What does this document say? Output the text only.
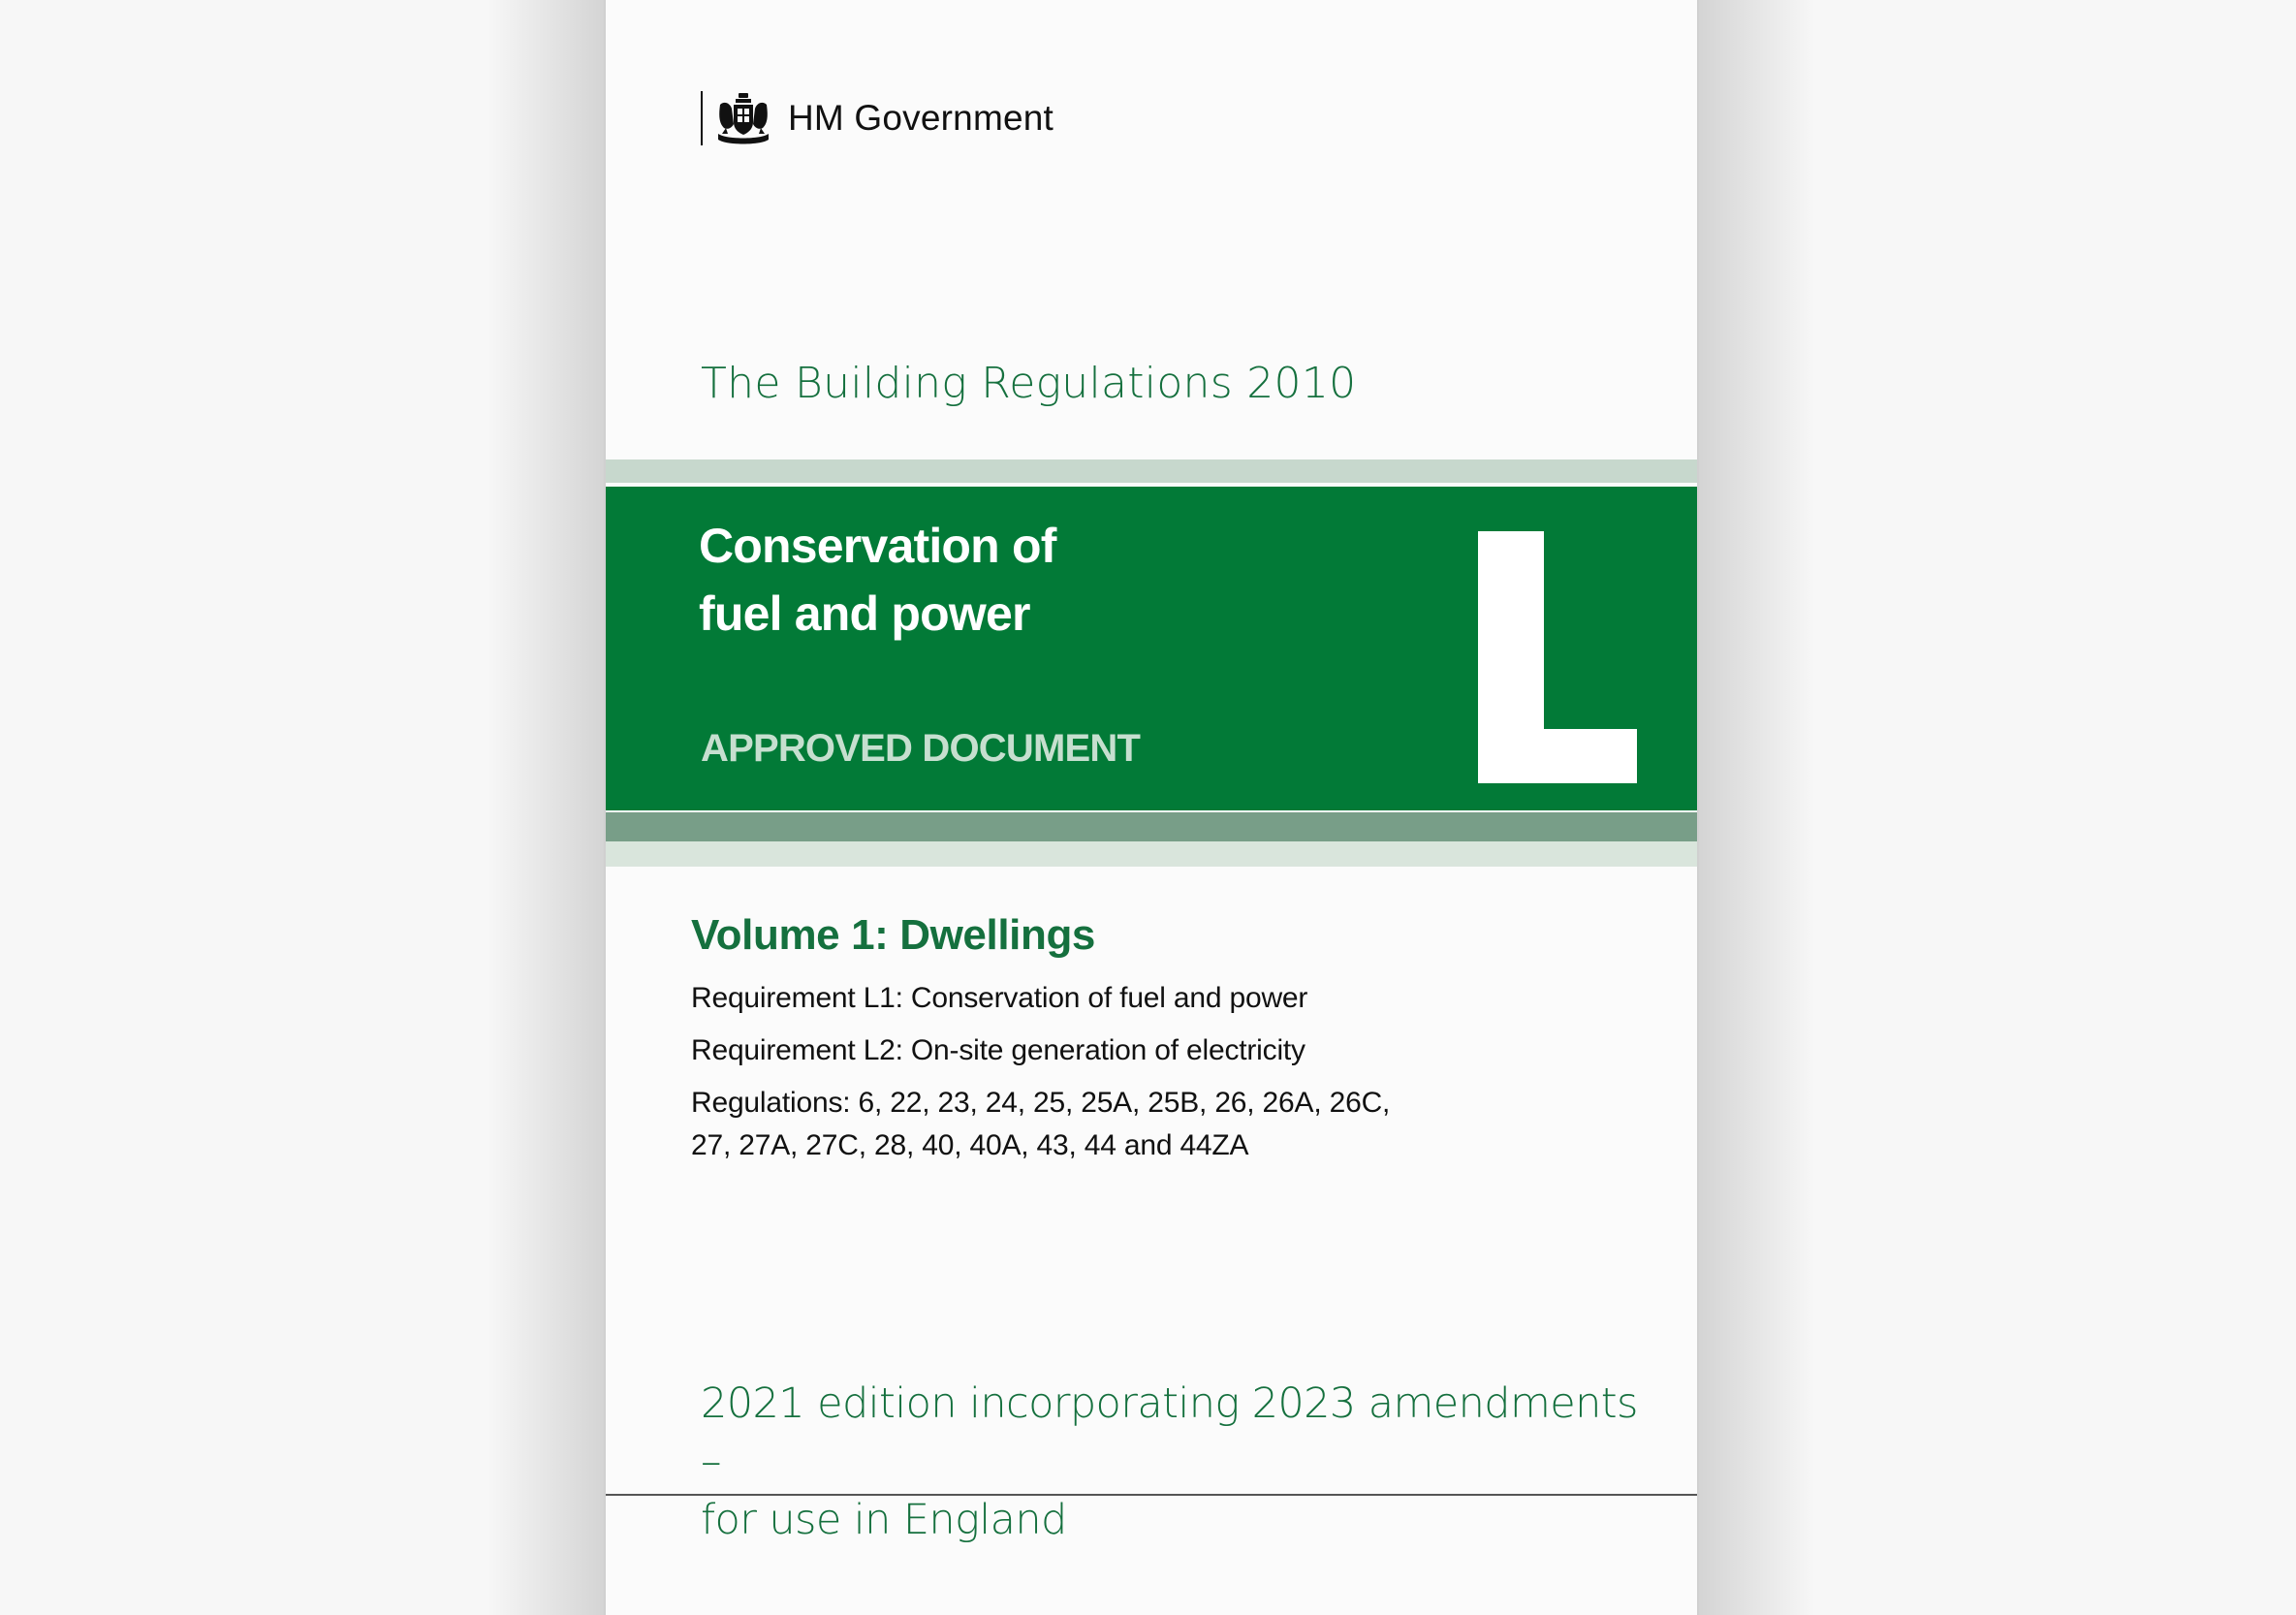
HM Government
The Building Regulations 2010
Conservation of
fuel and power
APPROVED DOCUMENT
Volume 1: Dwellings
Requirement L1: Conservation of fuel and power
Requirement L2: On-site generation of electricity
Regulations: 6, 22, 23, 24, 25, 25A, 25B, 26, 26A, 26C,
27, 27A, 27C, 28, 40, 40A, 43, 44 and 44ZA
2021 edition incorporating 2023 amendments –
for use in England
